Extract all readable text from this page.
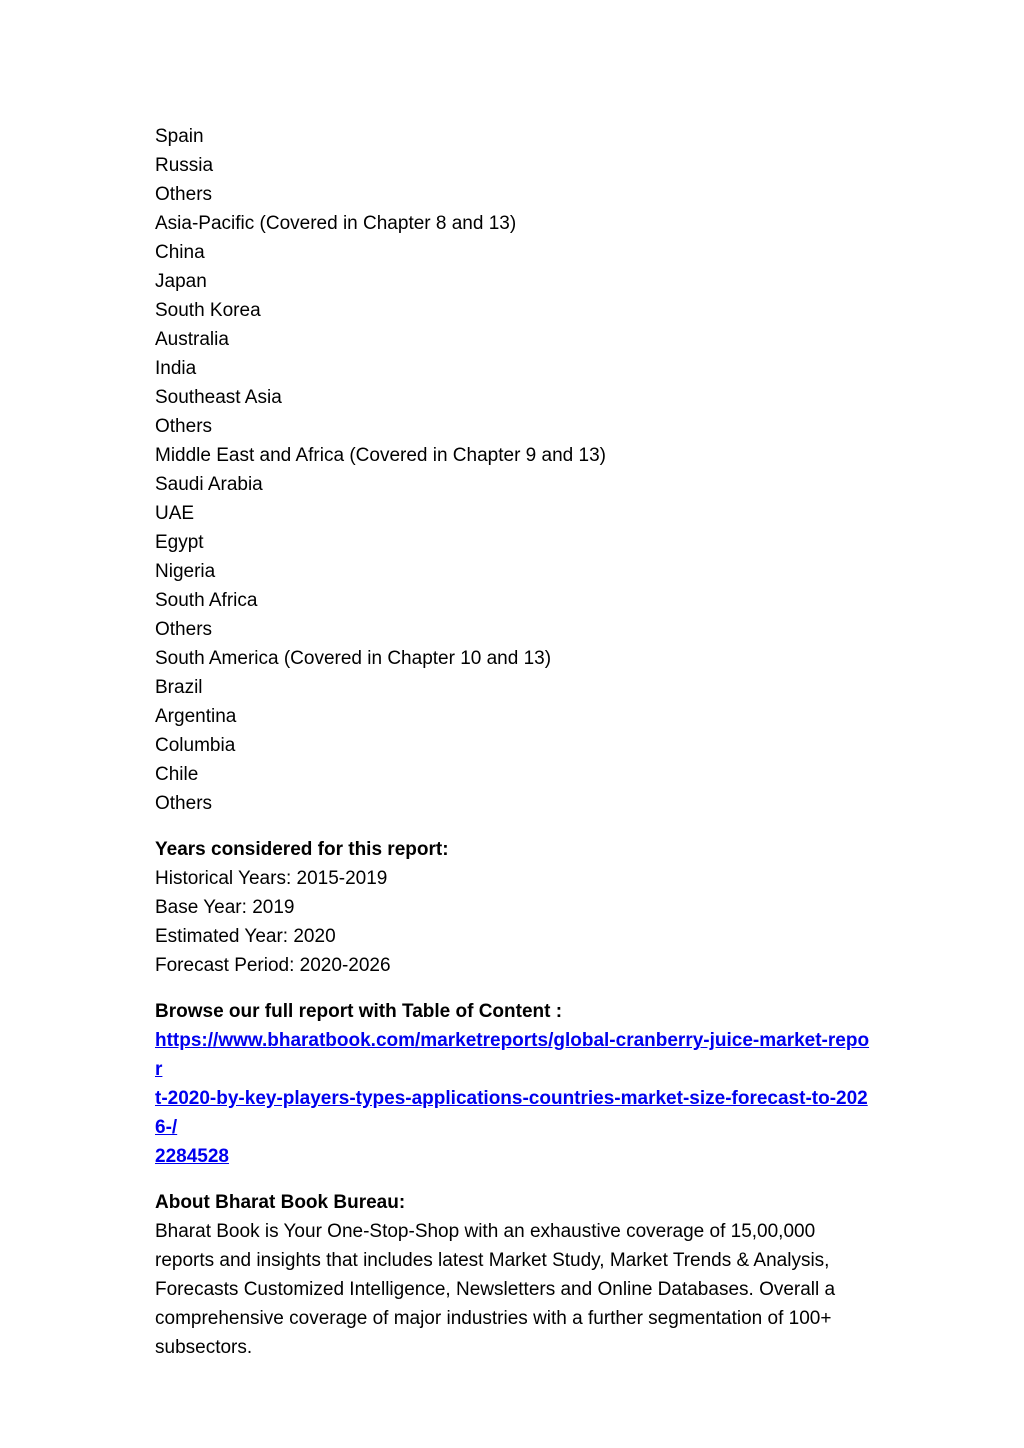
Spain
Russia
Others
Asia-Pacific (Covered in Chapter 8 and 13)
China
Japan
South Korea
Australia
India
Southeast Asia
Others
Middle East and Africa (Covered in Chapter 9 and 13)
Saudi Arabia
UAE
Egypt
Nigeria
South Africa
Others
South America (Covered in Chapter 10 and 13)
Brazil
Argentina
Columbia
Chile
Others
Years considered for this report:
Historical Years: 2015-2019
Base Year: 2019
Estimated Year: 2020
Forecast Period: 2020-2026
Browse our full report with Table of Content :
https://www.bharatbook.com/marketreports/global-cranberry-juice-market-repor
t-2020-by-key-players-types-applications-countries-market-size-forecast-to-2026-/
2284528
About Bharat Book Bureau:
Bharat Book is Your One-Stop-Shop with an exhaustive coverage of 15,00,000
reports and insights that includes latest Market Study, Market Trends & Analysis,
Forecasts Customized Intelligence, Newsletters and Online Databases. Overall a
comprehensive coverage of major industries with a further segmentation of 100+
subsectors.
